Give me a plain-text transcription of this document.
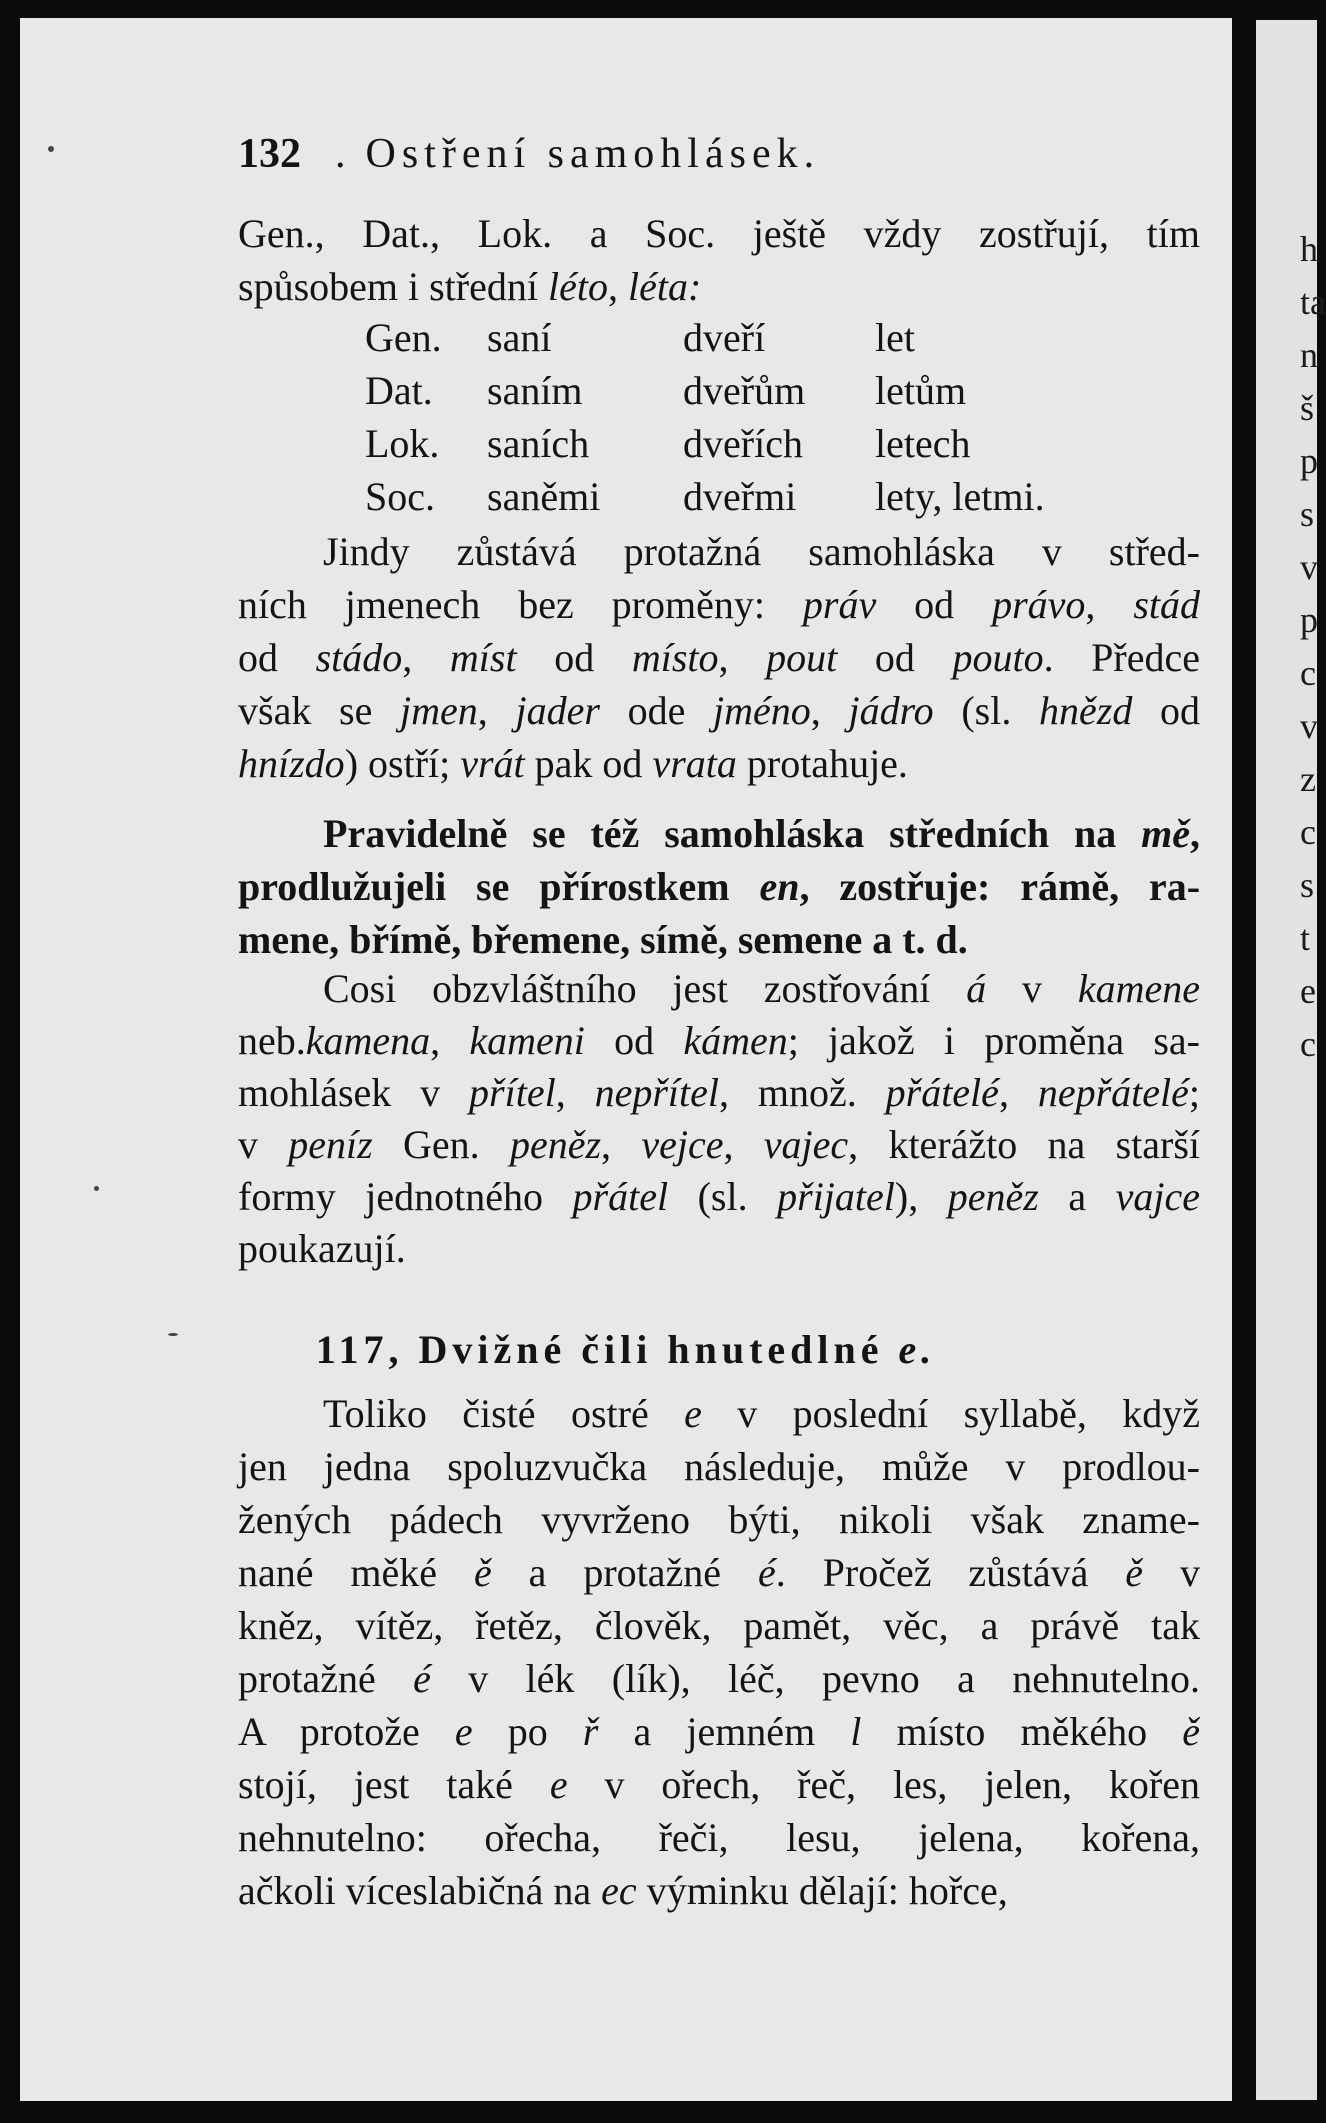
132 . Ostření samohlásek.
Gen., Dat., Lok. a Soc. ještě vždy zostřují, tím
spůsobem i střední léto, léta:
Gen. saní	dveří	let
Dat. saním	dveřům letům
Lok. saních dveřích letech
Soc. saněmi dveřmi lety, letmi.
Jindy zůstává protažná samohláska v střed-
ních jmenech bez proměny: práv od právo, stád
od stádo, míst od místo, pout od pouto. Předce
však se jmen, jader ode jméno, jádro (sl. hnězd od
hnízdo) ostří; vrát pak od vrata protahuje.
Pravidelně se též samohláska středních na mě,
prodlužujeli se přírostkem en, zostřuje: rámě, ra-
mene, břímě, břemene, símě, semene a t. d.
Cosi obzvláštního jest zostřování á v kamene
neb.kamena, kameni od kámen; jakož i proměna sa-
mohlásek v přítel, nepřítel, množ. přátelé, nepřátelé;
v peníz Gen. peněz, vejce, vajec, kterážto na starší
formy jednotného přátel (sl. přijatel), peněz a vajce
poukazují.
Toliko čisté ostré e v poslední syllabě, když
jen jedna spoluzvučka následuje, může v prodlou-
žených pádech vyvrženo býti, nikoli však zname-
nané měké ě a protažné é. Pročež zůstává ě v
kněz, vítěz, řetěz, člověk, pamět, věc, a právě tak
protažné é v lék (lík), léč, pevno a nehnutelno.
A protože e po ř a jemném l místo měkého ě
stojí, jest také e v ořech, řeč, les, jelen, kořen
nehnutelno: ořecha, řeči, lesu, jelena, kořena,
ačkoli víceslabičná na ec výminku dělají: hořce,
117, Dvižné čili hnutedlné e.
h
ta
n
š
p
s
v
p
c
v
z
c
s
t
e
c
